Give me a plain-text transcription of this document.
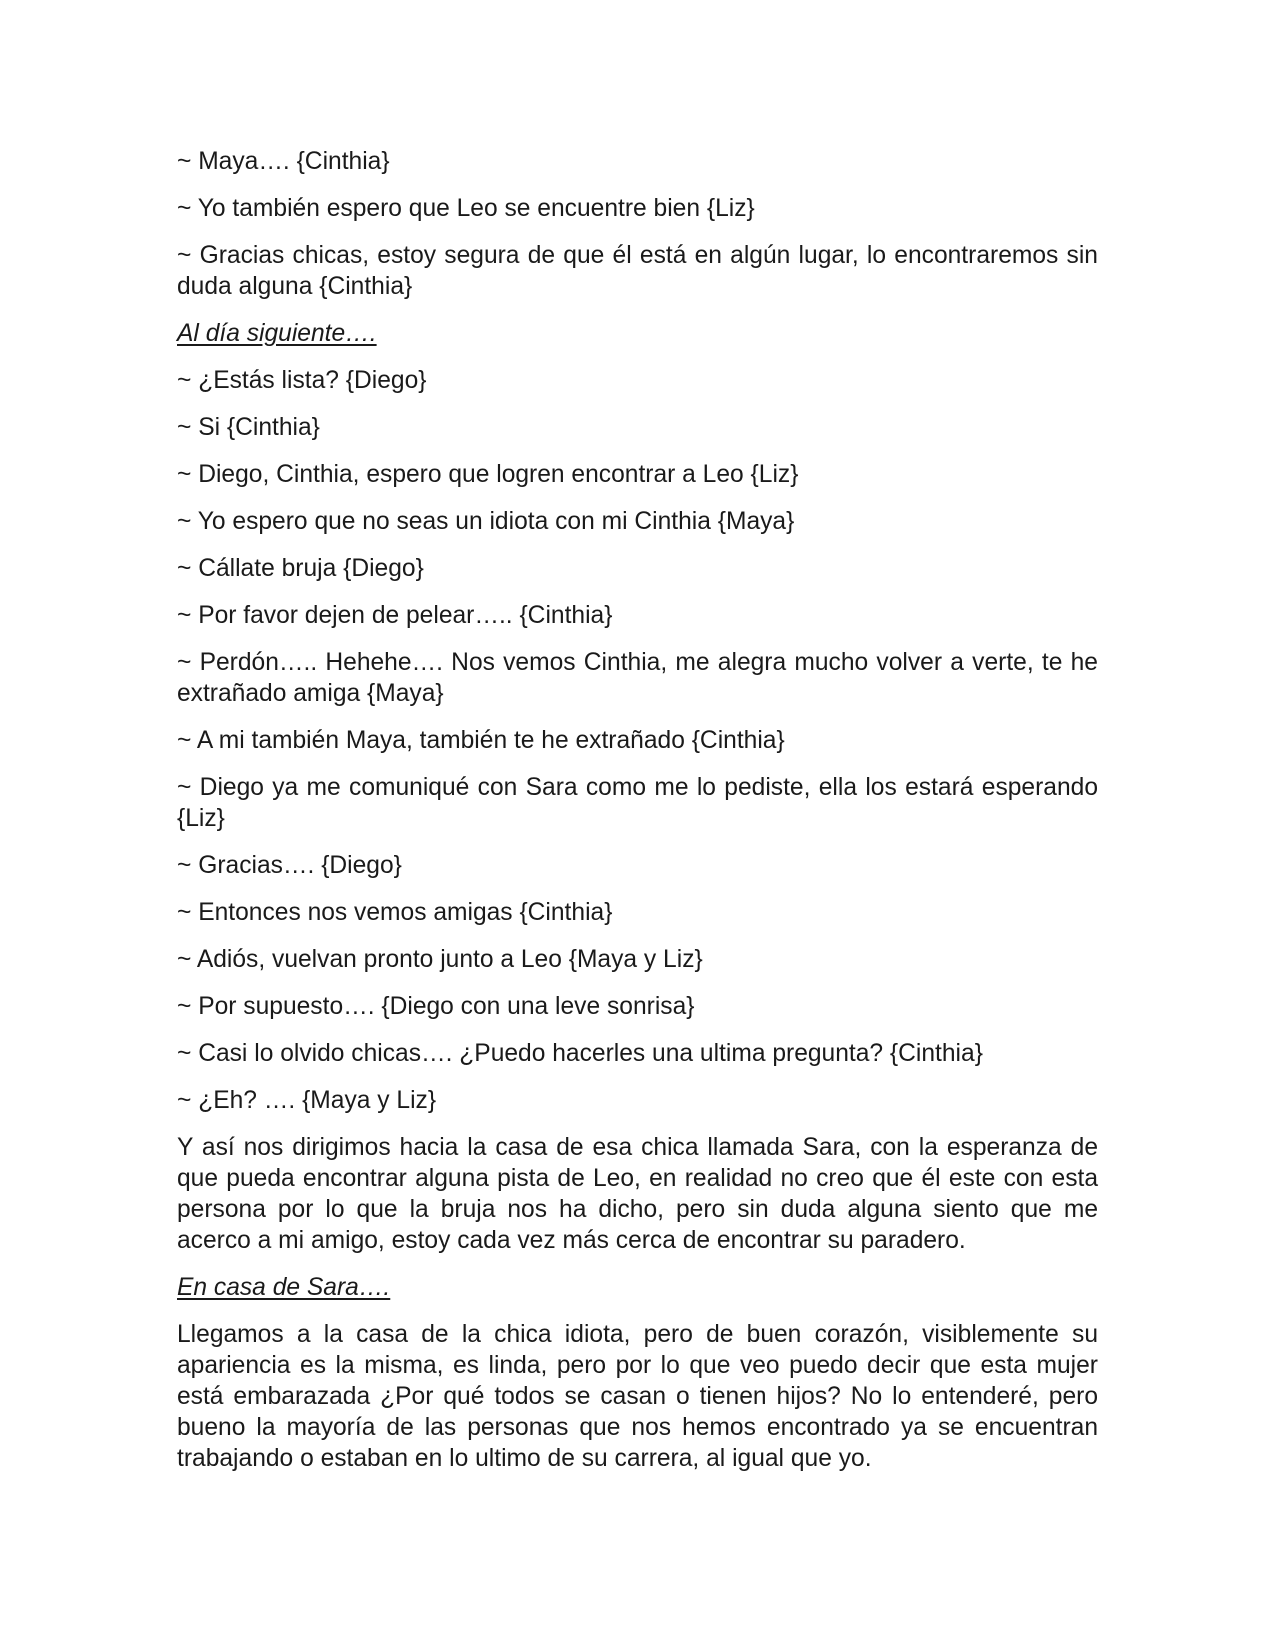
~ Maya…. {Cinthia}

~ Yo también espero que Leo se encuentre bien {Liz}

~ Gracias chicas, estoy segura de que él está en algún lugar, lo encontraremos sin duda alguna {Cinthia}

Al día siguiente….

~ ¿Estás lista? {Diego}

~ Si {Cinthia}

~ Diego, Cinthia, espero que logren encontrar a Leo {Liz}

~ Yo espero que no seas un idiota con mi Cinthia {Maya}

~ Cállate bruja {Diego}

~ Por favor dejen de pelear….. {Cinthia}

~ Perdón….. Hehehe…. Nos vemos Cinthia, me alegra mucho volver a verte, te he extrañado amiga {Maya}

~ A mi también Maya, también te he extrañado {Cinthia}

~ Diego ya me comuniqué con Sara como me lo pediste, ella los estará esperando {Liz}

~ Gracias…. {Diego}

~ Entonces nos vemos amigas {Cinthia}

~ Adiós, vuelvan pronto junto a Leo {Maya y Liz}

~ Por supuesto…. {Diego con una leve sonrisa}

~ Casi lo olvido chicas…. ¿Puedo hacerles una ultima pregunta? {Cinthia}

~ ¿Eh? …. {Maya y Liz}

Y así nos dirigimos hacia la casa de esa chica llamada Sara, con la esperanza de que pueda encontrar alguna pista de Leo, en realidad no creo que él este con esta persona por lo que la bruja nos ha dicho, pero sin duda alguna siento que me acerco a mi amigo, estoy cada vez más cerca de encontrar su paradero.

En casa de Sara….

Llegamos a la casa de la chica idiota, pero de buen corazón, visiblemente su apariencia es la misma, es linda, pero por lo que veo puedo decir que esta mujer está embarazada ¿Por qué todos se casan o tienen hijos? No lo entenderé, pero bueno la mayoría de las personas que nos hemos encontrado ya se encuentran trabajando o estaban en lo ultimo de su carrera, al igual que yo.
